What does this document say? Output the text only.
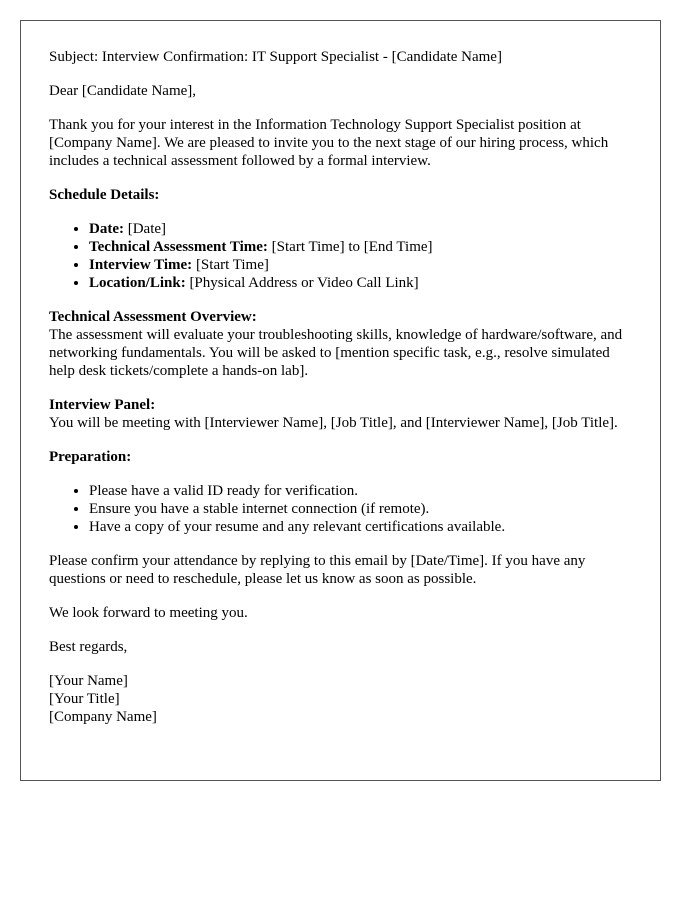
Subject: Interview Confirmation: IT Support Specialist - [Candidate Name]

Dear [Candidate Name],

Thank you for your interest in the Information Technology Support Specialist position at [Company Name]. We are pleased to invite you to the next stage of our hiring process, which includes a technical assessment followed by a formal interview.

Schedule Details:
• Date: [Date]
• Technical Assessment Time: [Start Time] to [End Time]
• Interview Time: [Start Time]
• Location/Link: [Physical Address or Video Call Link]
Technical Assessment Overview:

The assessment will evaluate your troubleshooting skills, knowledge of hardware/software, and networking fundamentals. You will be asked to [mention specific task, e.g., resolve simulated help desk tickets/complete a hands-on lab].

Interview Panel:

You will be meeting with [Interviewer Name], [Job Title], and [Interviewer Name], [Job Title].

Preparation:
• Please have a valid ID ready for verification.
• Ensure you have a stable internet connection (if remote).
• Have a copy of your resume and any relevant certifications available.

Please confirm your attendance by replying to this email by [Date/Time]. If you have any questions or need to reschedule, please let us know as soon as possible.

We look forward to meeting you.

Best regards,

[Your Name]
[Your Title]
[Company Name]
